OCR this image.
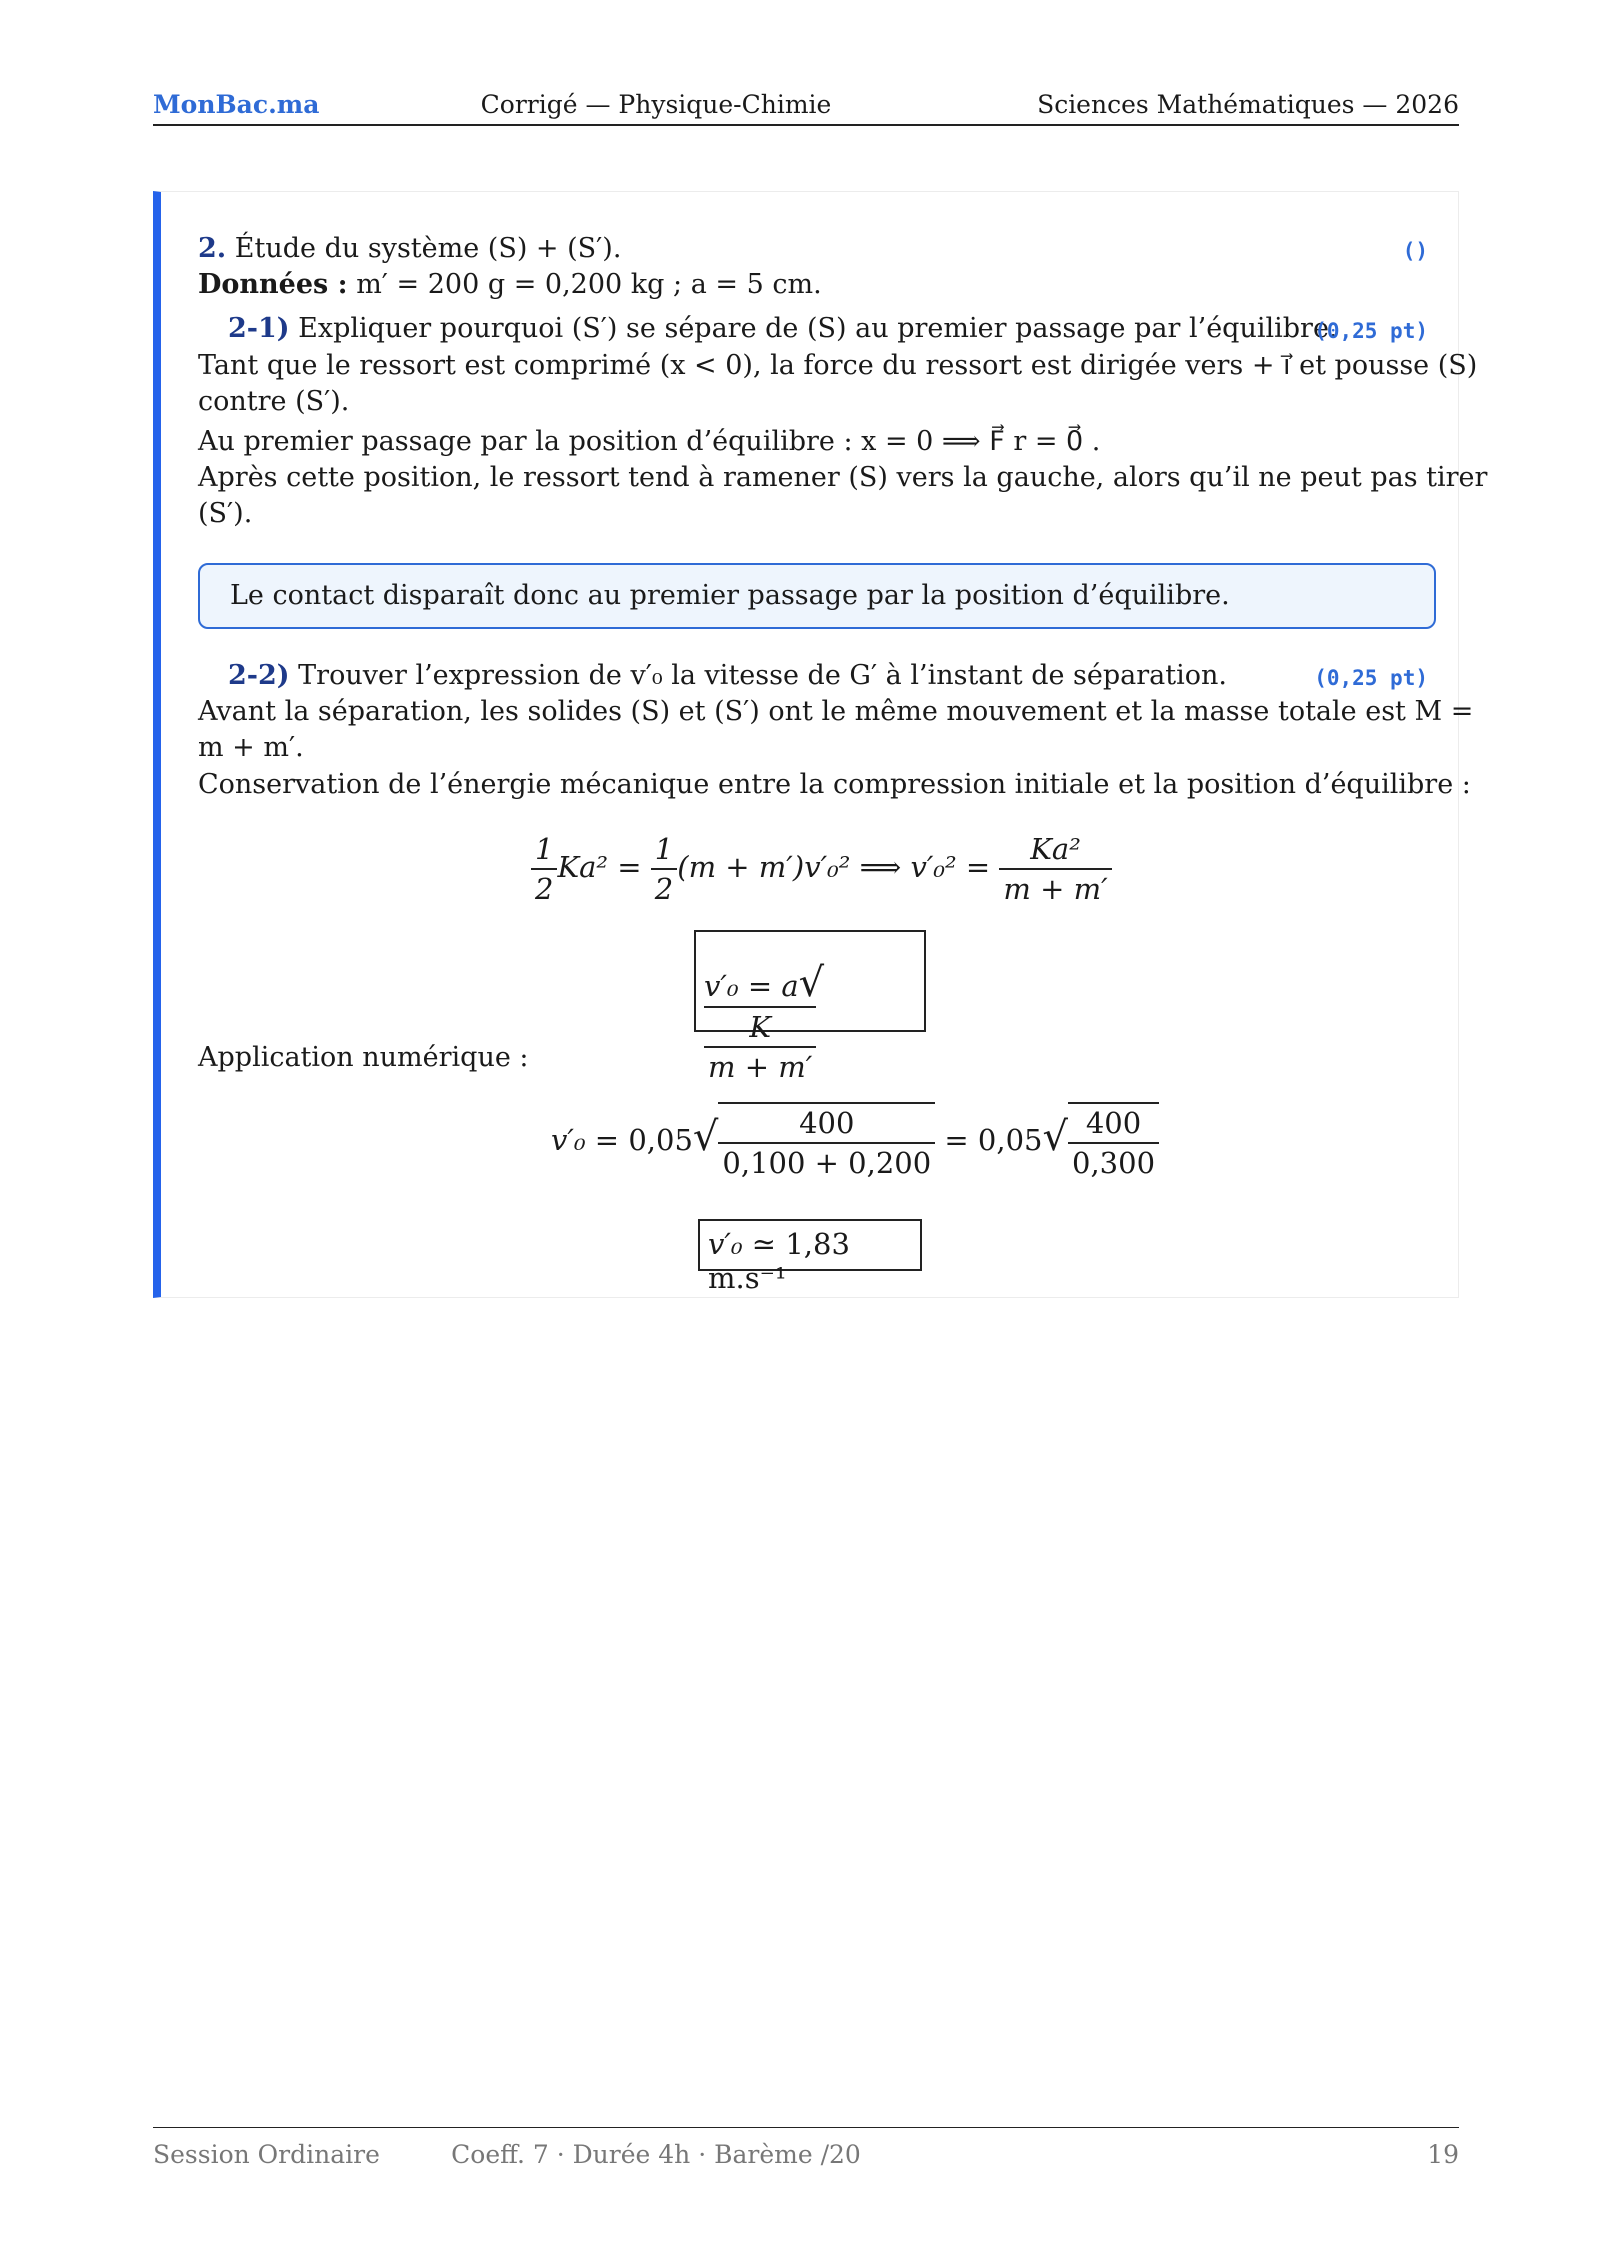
MonBac.ma	Corrigé — Physique-Chimie	Sciences Mathématiques — 2026
2. Étude du système (S) + (S′).	()
Données : m′ = 200 g = 0,200 kg ; a = 5 cm.
2-1) Expliquer pourquoi (S′) se sépare de (S) au premier passage par l’équilibre.
(0,25 pt)
Tant que le ressort est comprimé (x < 0), la force du ressort est dirigée vers + i⃗ et pousse (S)
contre (S′).
Au premier passage par la position d’équilibre : x = 0 ⟹ F⃗ r = 0⃗ .
Après cette position, le ressort tend à ramener (S) vers la gauche, alors qu’il ne peut pas tirer
(S′).
Le contact disparaît donc au premier passage par la position d’équilibre.
2-2) Trouver l’expression de v′₀ la vitesse de G′ à l’instant de séparation.	(0,25 pt)
Avant la séparation, les solides (S) et (S′) ont le même mouvement et la masse totale est M =
m + m′.
Conservation de l’énergie mécanique entre la compression initiale et la position d’équilibre :
$\frac{1}{2} Ka^2 = \frac{1}{2} (m + m')v'_0^2$ ⟹ $v'_0^2 = \frac{\text{Ka²}}{m + m'}$
v′₀ = a√
$\frac{K}{m + m'}$
Application numérique :
$v'_0 = 0,05√ \frac{400}{0,100 + 0,200} = 0,05√ \frac{400}{0,300}$
v′₀ ≃ 1,83 m.s⁻¹
Session Ordinaire	Coeff. 7 · Durée 4h · Barème /20	19
